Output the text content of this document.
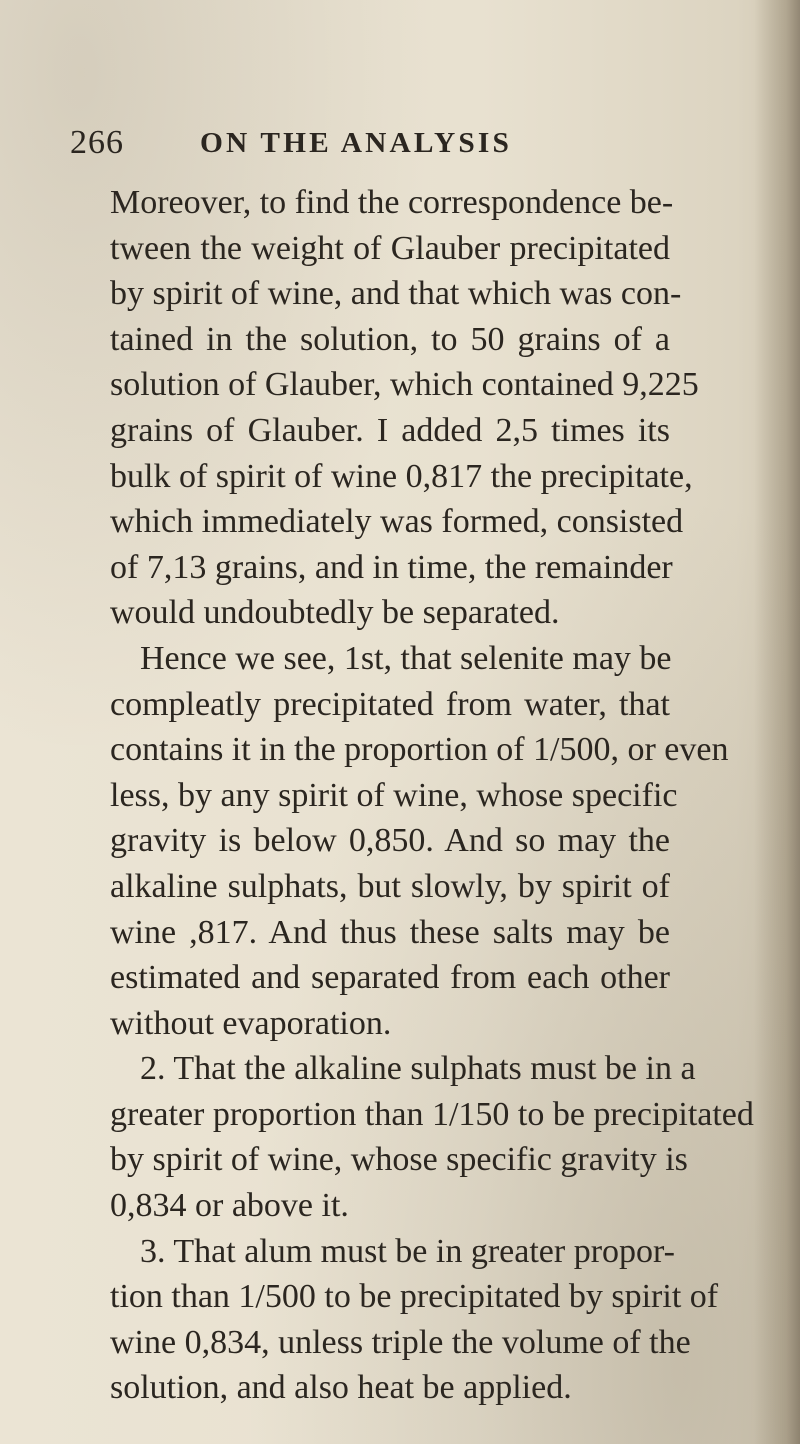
266	ON THE ANALYSIS
Moreover, to find the correspondence be-
tween the weight of Glauber precipitated
by spirit of wine, and that which was con-
tained in the solution, to 50 grains of a
solution of Glauber, which contained 9,225
grains of Glauber. I added 2,5 times its
bulk of spirit of wine 0,817 the precipitate,
which immediately was formed, consisted
of 7,13 grains, and in time, the remainder
would undoubtedly be separated.
Hence we see, 1st, that selenite may be
compleatly precipitated from water, that
contains it in the proportion of 1/500, or even
less, by any spirit of wine, whose specific
gravity is below 0,850. And so may the
alkaline sulphats, but slowly, by spirit of
wine ,817. And thus these salts may be
estimated and separated from each other
without evaporation.
2. That the alkaline sulphats must be in a
greater proportion than 1/150 to be precipitated
by spirit of wine, whose specific gravity is
0,834 or above it.
3. That alum must be in greater propor-
tion than 1/500 to be precipitated by spirit of
wine 0,834, unless triple the volume of the
solution, and also heat be applied.
